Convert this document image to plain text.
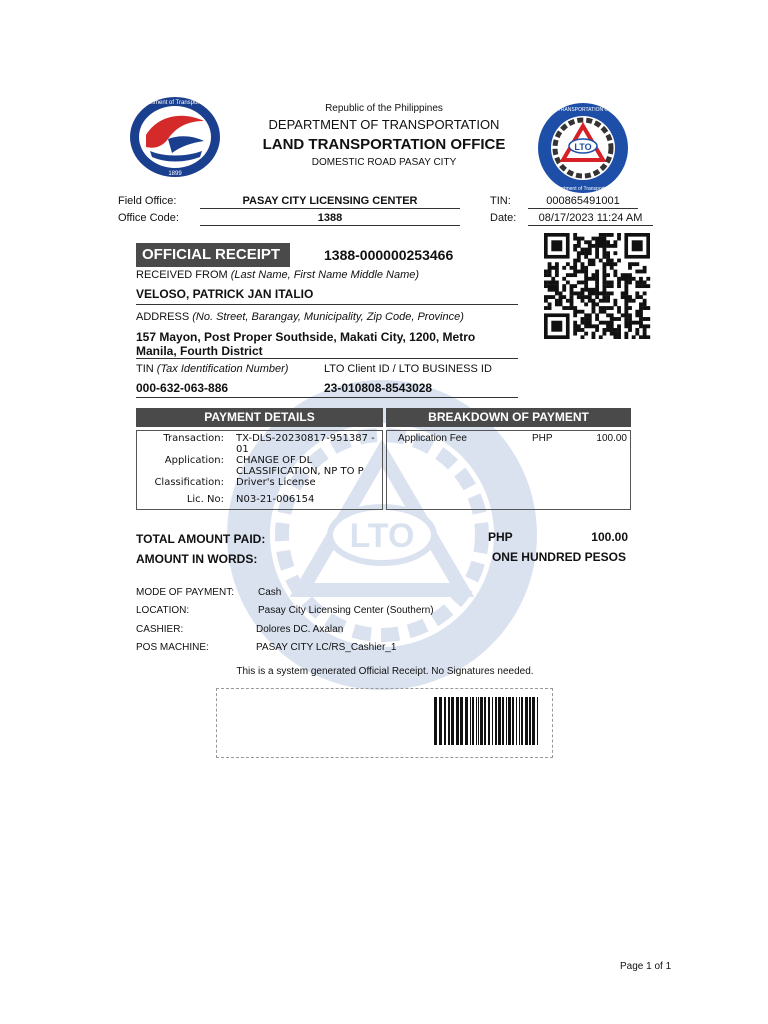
LTO
1899
Department of Transportation
LTO
LAND TRANSPORTATION OFFICE
Department of Transportation
Republic of the Philippines
DEPARTMENT OF TRANSPORTATION
LAND TRANSPORTATION OFFICE
DOMESTIC ROAD PASAY CITY
Field Office:	PASAY CITY LICENSING CENTER
Office Code:	1388
TIN:	000865491001
Date:	08/17/2023 11:24 AM
OFFICIAL RECEIPT	1388-000000253466
RECEIVED FROM (Last Name, First Name Middle Name)
VELOSO, PATRICK JAN ITALIO
ADDRESS (No. Street, Barangay, Municipality, Zip Code, Province)
157 Mayon, Post Proper Southside, Makati City, 1200, Metro
Manila, Fourth District
TIN (Tax Identification Number)	LTO Client ID / LTO BUSINESS ID
000-632-063-886	23-010808-8543028
PAYMENT DETAILS	BREAKDOWN OF PAYMENT
Transaction: TX-DLS-20230817-951387 - 01
Application: CHANGE OF DL CLASSIFICATION, NP TO P
Classification: Driver's License
Lic. No: N03-21-006154
Application Fee	PHP	100.00
TOTAL AMOUNT PAID:	PHP	100.00
AMOUNT IN WORDS:	ONE HUNDRED PESOS
MODE OF PAYMENT: Cash
LOCATION:	Pasay City Licensing Center (Southern)
CASHIER:	Dolores DC. Axalan
POS MACHINE:	PASAY CITY LC/RS_Cashier_1
This is a system generated Official Receipt. No Signatures needed.
Page 1 of 1
